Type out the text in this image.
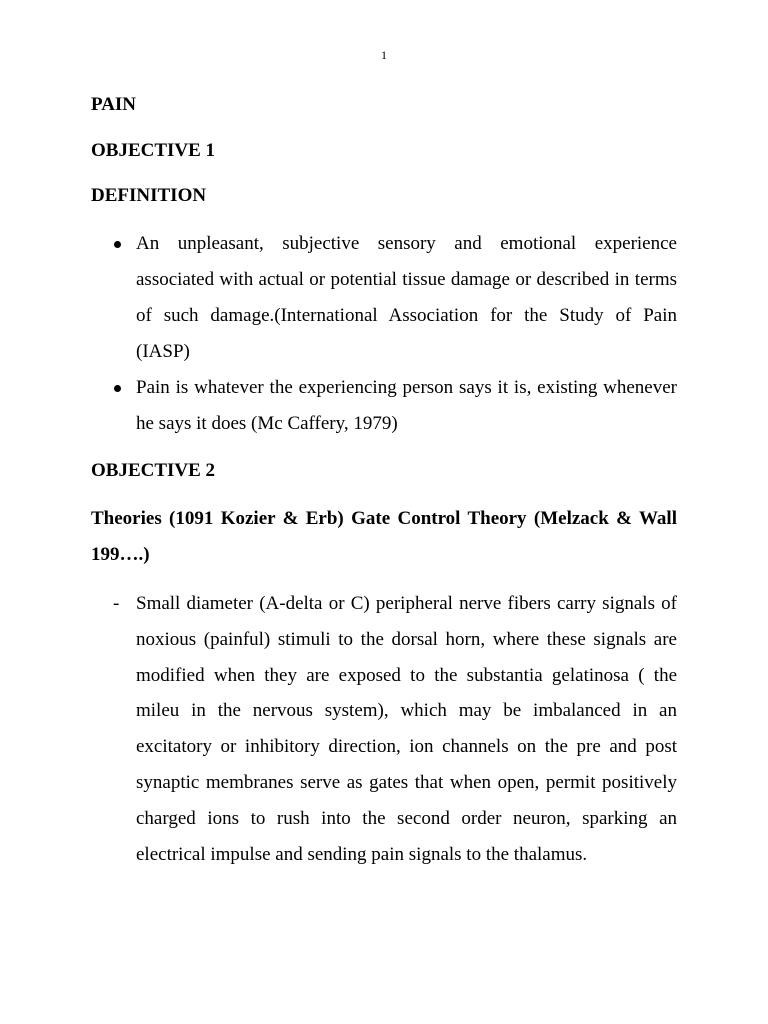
1

PAIN

OBJECTIVE 1

DEFINITION

An unpleasant, subjective sensory and emotional experience associated with actual or potential tissue damage or described in terms of such damage.(International Association for the Study of Pain (IASP)
Pain is whatever the experiencing person says it is, existing whenever he says it does (Mc Caffery, 1979)

OBJECTIVE 2

Theories (1091 Kozier & Erb) Gate Control Theory (Melzack & Wall 199….)

- Small diameter (A-delta or C) peripheral nerve fibers carry signals of noxious (painful) stimuli to the dorsal horn, where these signals are modified when they are exposed to the substantia gelatinosa ( the mileu in the nervous system), which may be imbalanced in an excitatory or inhibitory direction, ion channels on the pre and post synaptic membranes serve as gates that when open, permit positively charged ions to rush into the second order neuron, sparking an electrical impulse and sending pain signals to the thalamus.
